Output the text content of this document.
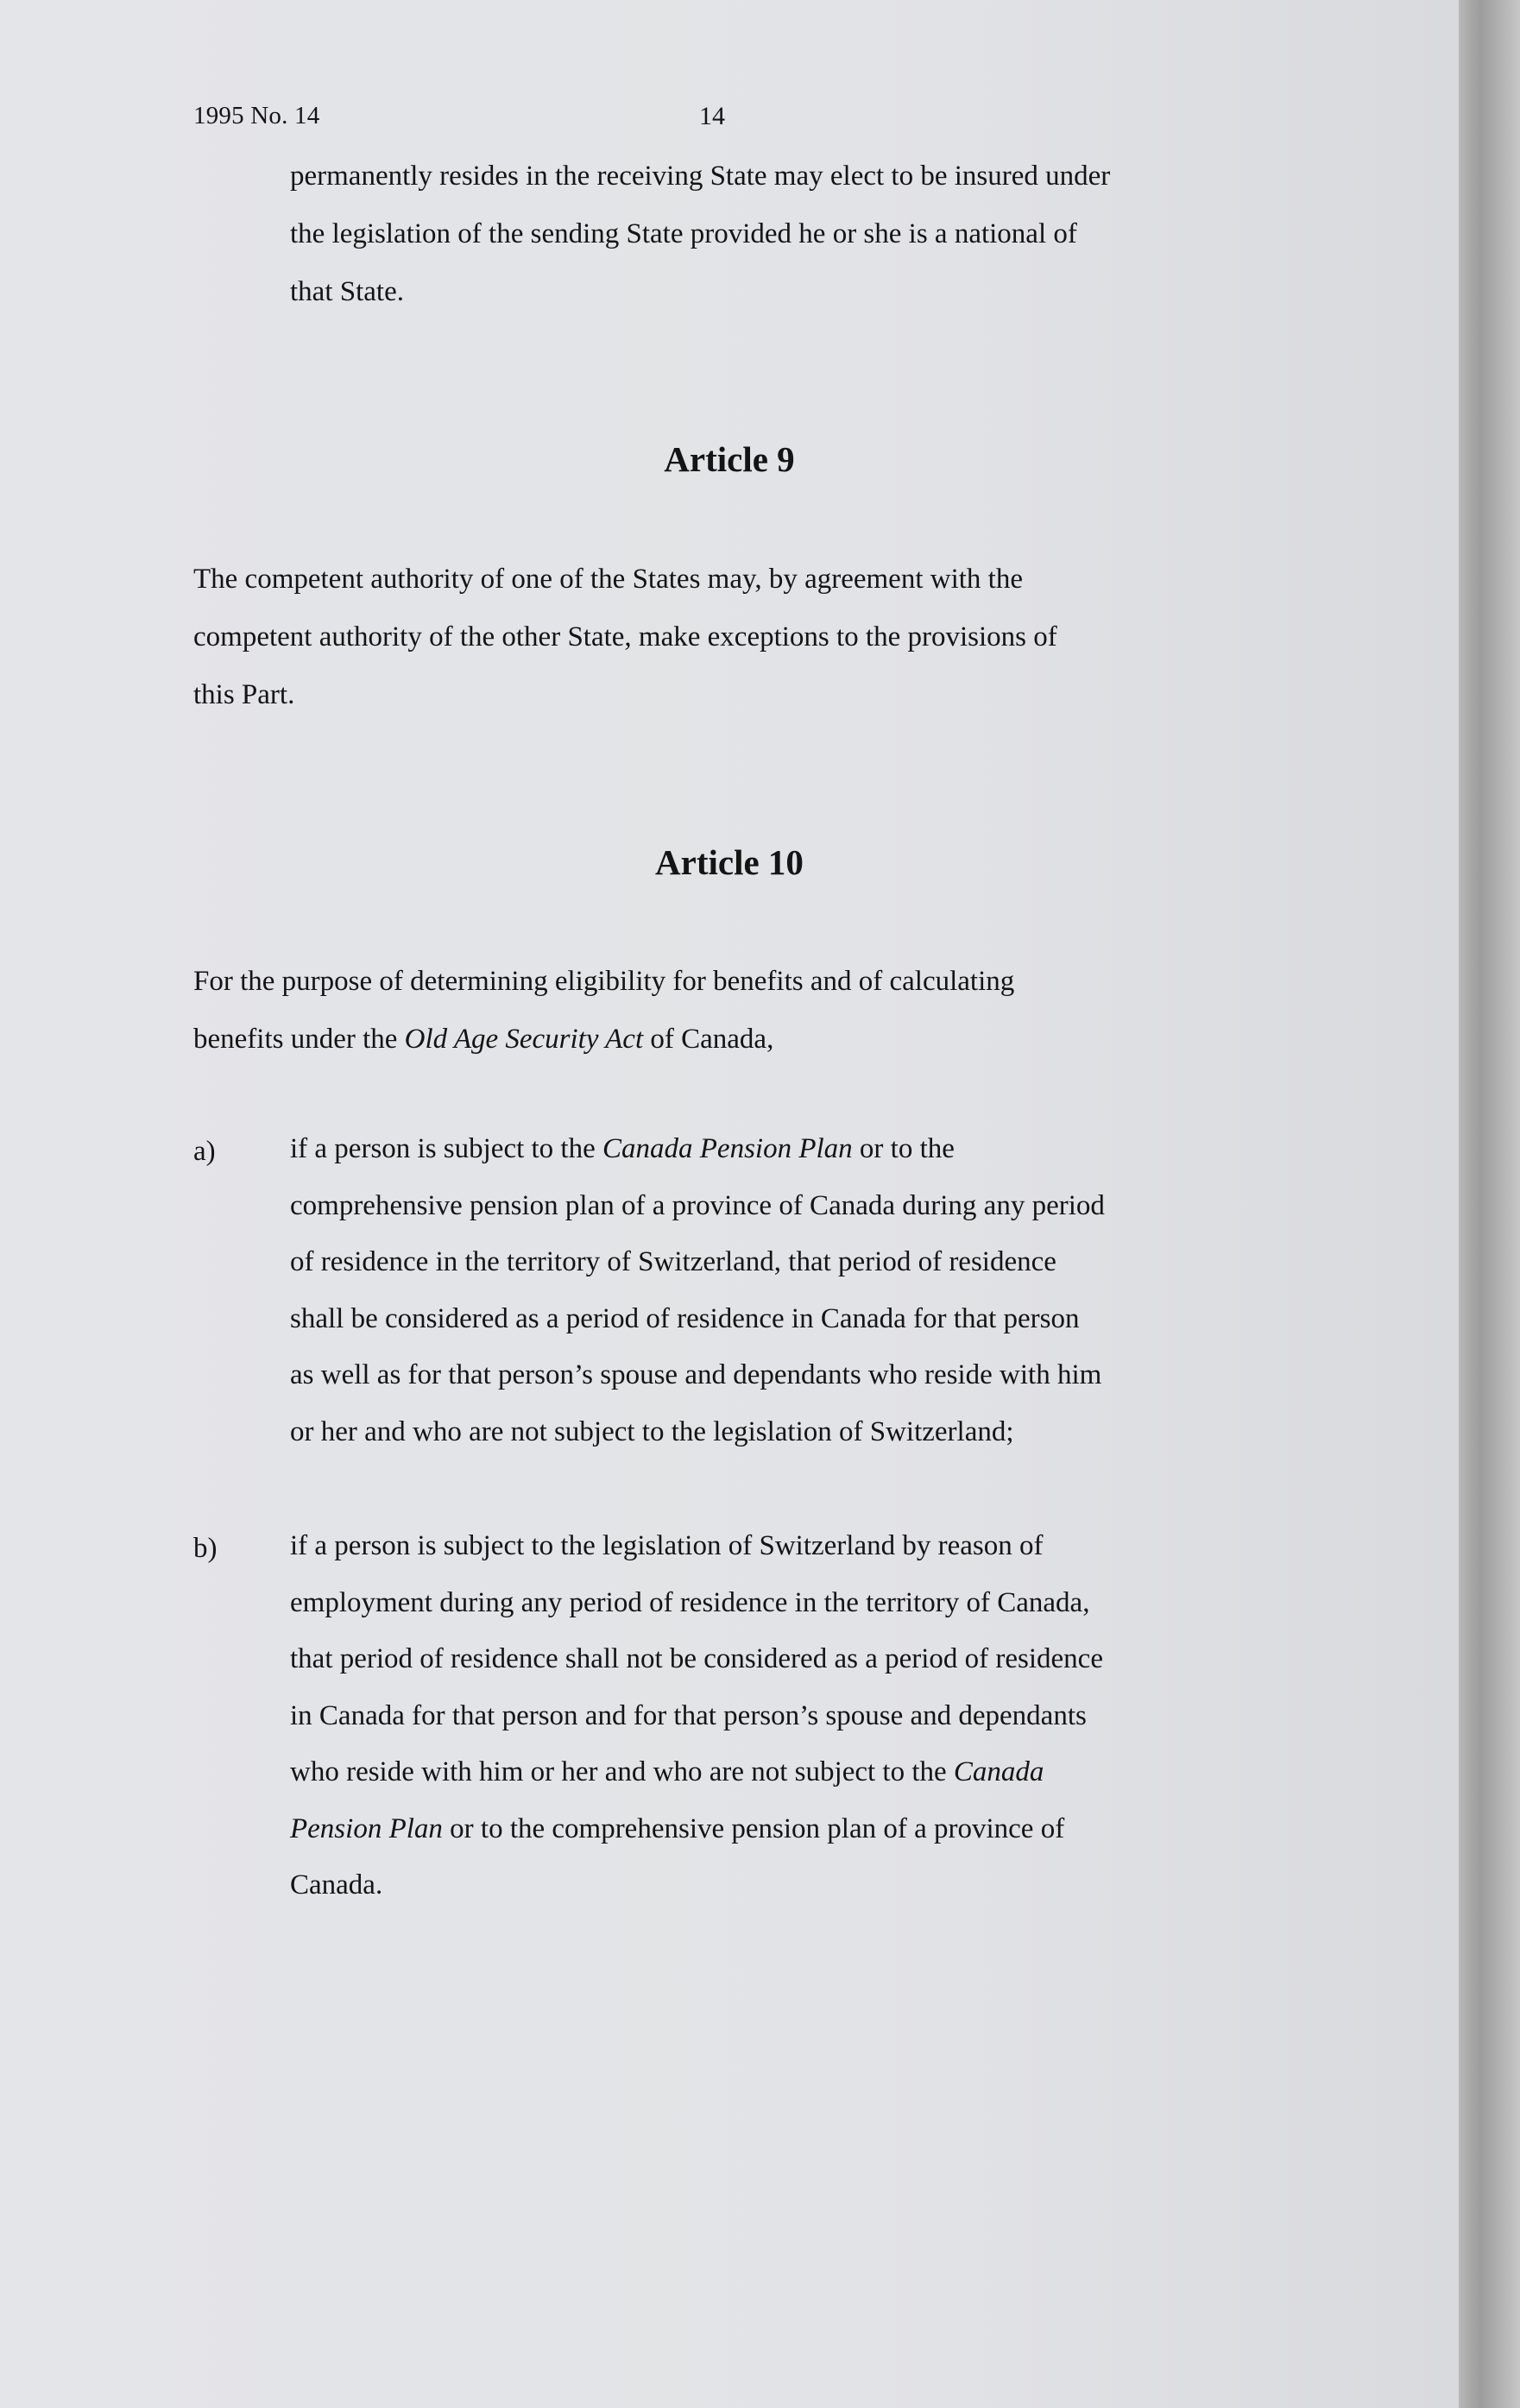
1995 No. 14	14
permanently resides in the receiving State may elect to be insured under
the legislation of the sending State provided he or she is a national of
that State.
Article 9
The competent authority of one of the States may, by agreement with the
competent authority of the other State, make exceptions to the provisions of
this Part.
Article 10
For the purpose of determining eligibility for benefits and of calculating
benefits under the Old Age Security Act of Canada,
a)	if a person is subject to the Canada Pension Plan or to the
comprehensive pension plan of a province of Canada during any period
of residence in the territory of Switzerland, that period of residence
shall be considered as a period of residence in Canada for that person
as well as for that person’s spouse and dependants who reside with him
or her and who are not subject to the legislation of Switzerland;
b)	if a person is subject to the legislation of Switzerland by reason of
employment during any period of residence in the territory of Canada,
that period of residence shall not be considered as a period of residence
in Canada for that person and for that person’s spouse and dependants
who reside with him or her and who are not subject to the Canada
Pension Plan or to the comprehensive pension plan of a province of
Canada.
